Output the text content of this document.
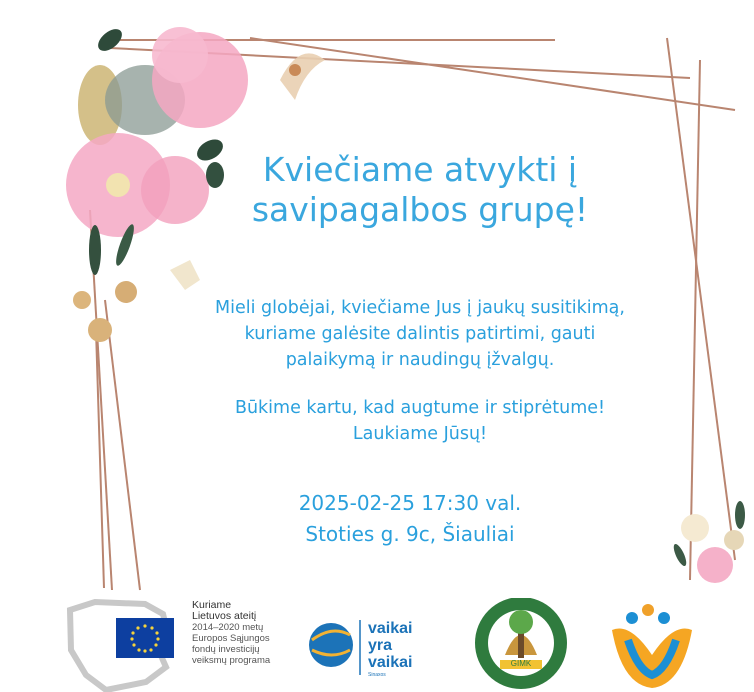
Kviečiame atvykti į
savipagalbos grupę!
Mieli globėjai, kviečiame Jus į jaukų susitikimą,
kuriame galėsite dalintis patirtimi, gauti
palaikymą ir naudingų įžvalgų.
Būkime kartu, kad augtume ir stiprėtume!
Laukiame Jūsų!
2025-02-25 17:30 val.
Stoties g. 9c, Šiauliai
GIMK
Kuriame
Lietuvos ateitį
2014–2020 metų
Europos Sąjungos
fondų investicijų
veiksmų programa
vaikai
yra
vaikai
Sinaxos
